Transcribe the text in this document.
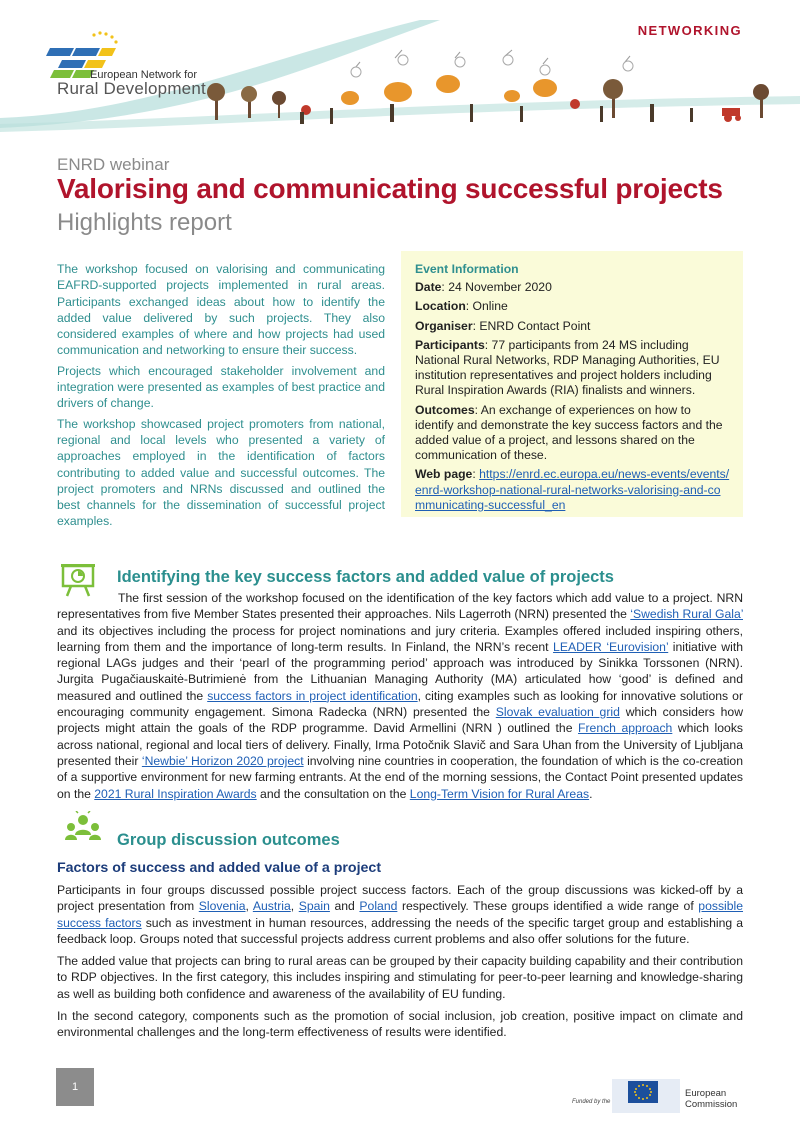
European Network for
Rural Development
NETWORKING
ENRD webinar
Valorising and communicating successful projects
Highlights report

The workshop focused on valorising and communicating EAFRD-supported projects implemented in rural areas. Participants exchanged ideas about how to identify the added value delivered by such projects. They also considered examples of where and how projects had used communication and networking to ensure their success.

Projects which encouraged stakeholder involvement and integration were presented as examples of best practice and drivers of change.

The workshop showcased project promoters from national, regional and local levels who presented a variety of approaches employed in the identification of factors contributing to added value and successful outcomes. The project promoters and NRNs discussed and outlined the best channels for the dissemination of successful project examples.

Event Information
Date: 24 November 2020
Location: Online
Organiser: ENRD Contact Point
Participants: 77 participants from 24 MS including National Rural Networks, RDP Managing Authorities, EU institution representatives and project holders including Rural Inspiration Awards (RIA) finalists and winners.
Outcomes: An exchange of experiences on how to identify and demonstrate the key success factors and the added value of a project, and lessons shared on the communication of these.
Web page: https://enrd.ec.europa.eu/news-events/events/enrd-workshop-national-rural-networks-valorising-and-communicating-successful_en
Identifying the key success factors and added value of projects

The first session of the workshop focused on the identification of the key factors which add value to a project. NRN representatives from five Member States presented their approaches. Nils Lagerroth (NRN) presented the ‘Swedish Rural Gala’ and its objectives including the process for project nominations and jury criteria. Examples offered included inspiring others, learning from them and the importance of long-term results. In Finland, the NRN’s recent LEADER ‘Eurovision’ initiative with regional LAGs judges and their ‘pearl of the programming period’ approach was introduced by Sinikka Torssonen (NRN). Jurgita Pugačiauskaitė-Butrimienė from the Lithuanian Managing Authority (MA) articulated how ‘good’ is defined and measured and outlined the success factors in project identification, citing examples such as looking for innovative solutions or encouraging community engagement. Simona Radecka (NRN) presented the Slovak evaluation grid which considers how projects might attain the goals of the RDP programme. David Armellini (NRN ) outlined the French approach which looks across national, regional and local tiers of delivery. Finally, Irma Potočnik Slavič and Sara Uhan from the University of Ljubljana presented their ‘Newbie’ Horizon 2020 project involving nine countries in cooperation, the foundation of which is the co-creation of a supportive environment for new farming entrants. At the end of the morning sessions, the Contact Point presented updates on the 2021 Rural Inspiration Awards and the consultation on the Long-Term Vision for Rural Areas.

Group discussion outcomes
Factors of success and added value of a project

Participants in four groups discussed possible project success factors. Each of the group discussions was kicked-off by a project presentation from Slovenia, Austria, Spain and Poland respectively. These groups identified a wide range of possible success factors such as investment in human resources, addressing the needs of the specific target group and establishing a feedback loop. Groups noted that successful projects address current problems and also offer solutions for the future.

The added value that projects can bring to rural areas can be grouped by their capacity building capability and their contribution to RDP objectives. In the first category, this includes inspiring and stimulating for peer-to-peer learning and knowledge-sharing as well as building both confidence and awareness of the availability of EU funding.

In the second category, components such as the promotion of social inclusion, job creation, positive impact on climate and environmental challenges and the long-term effectiveness of results were identified.

1
Funded by the
European
Commission
